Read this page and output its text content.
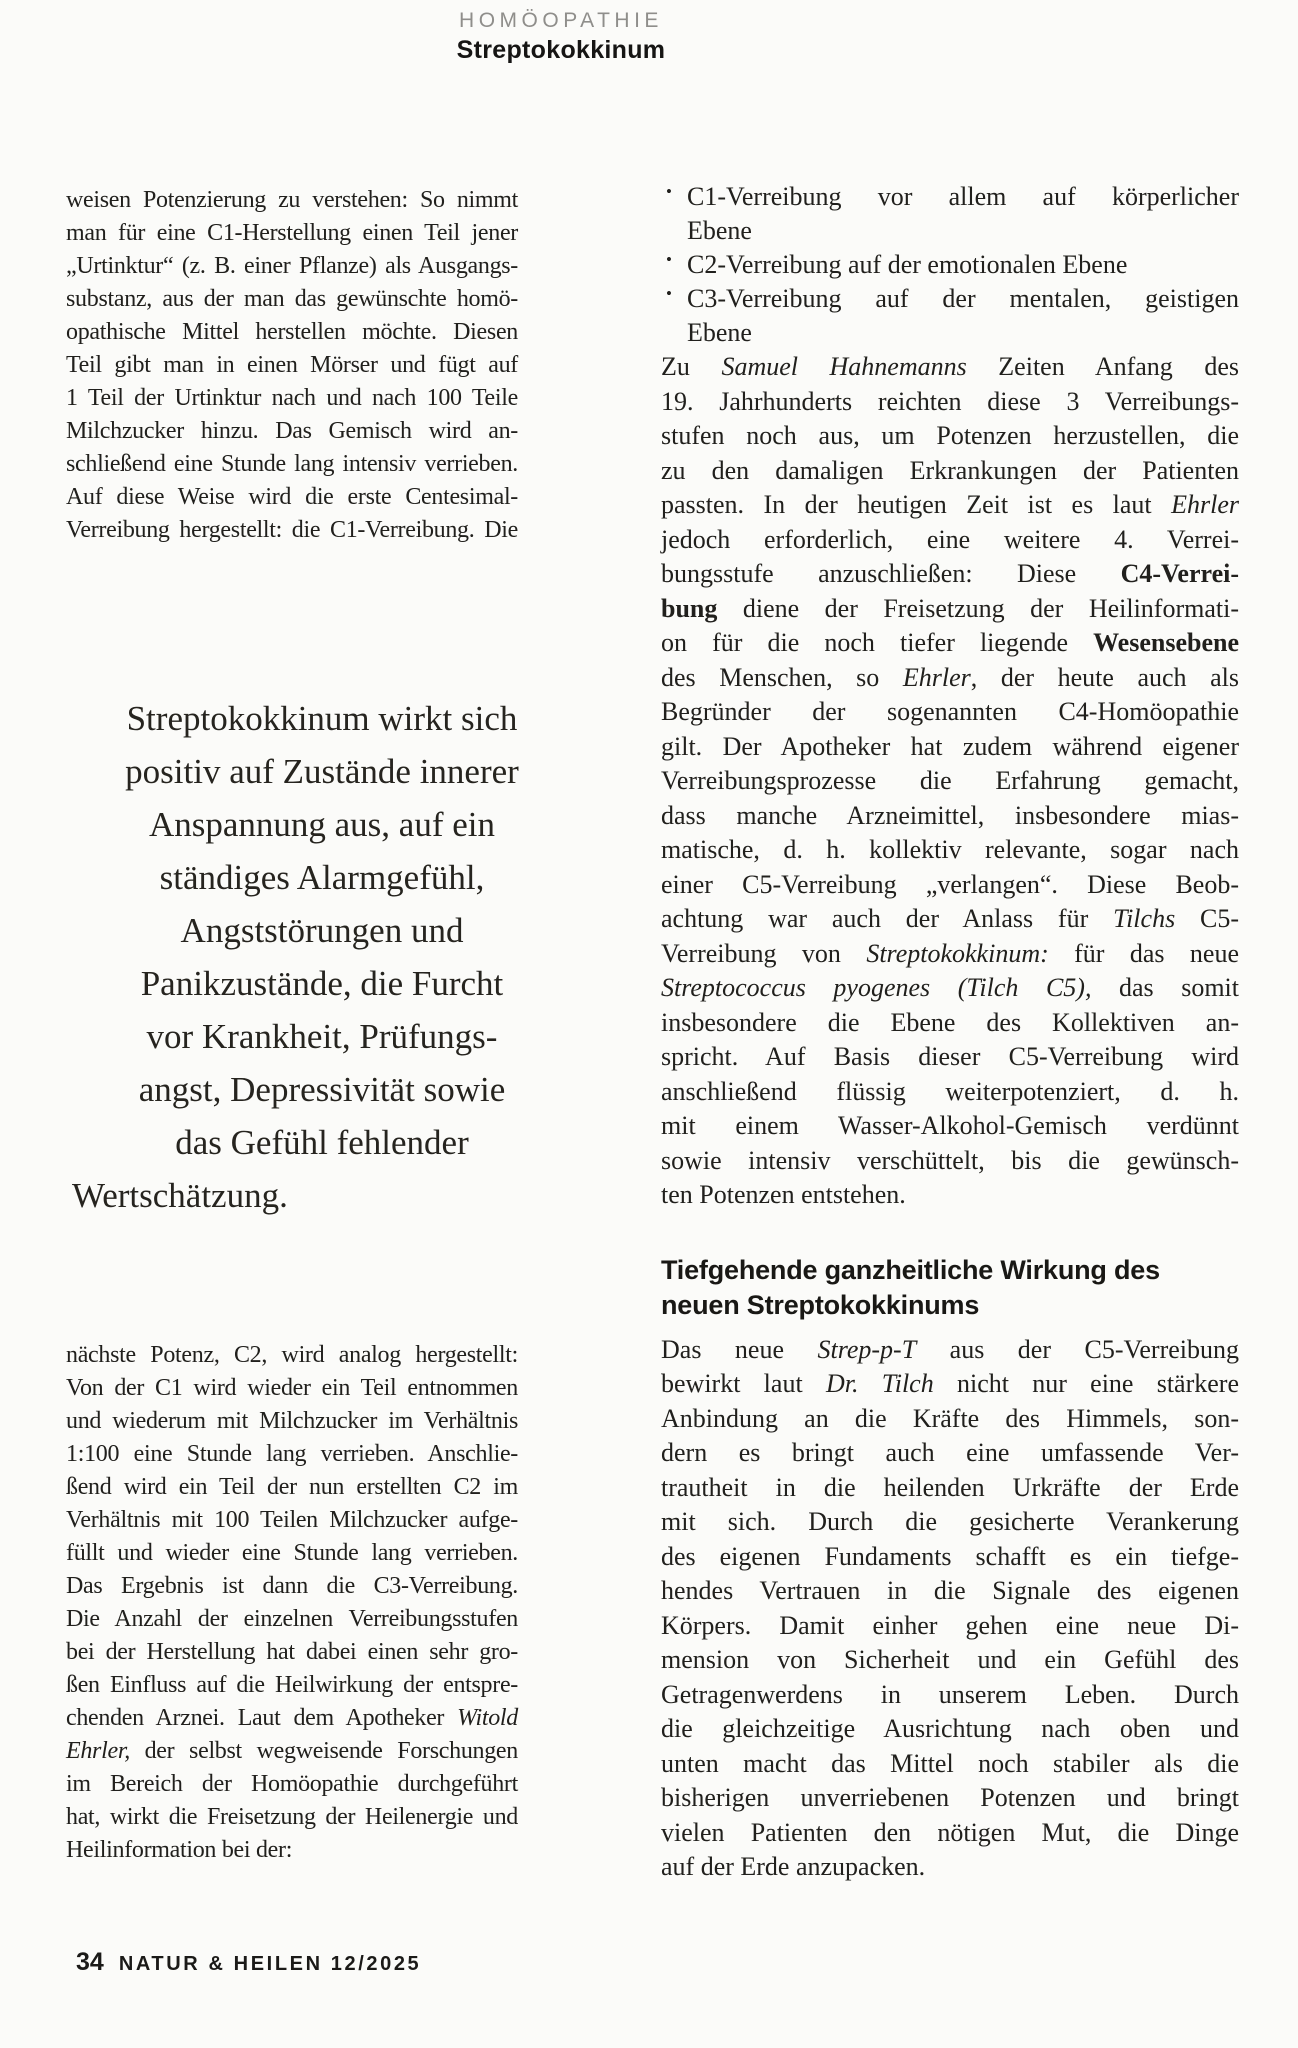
HOMÖOPATHIE
Streptokokkinum
weisen Potenzierung zu verstehen: So nimmt
man für eine C1-Herstellung einen Teil jener
„Urtinktur“ (z. B. einer Pflanze) als Ausgangs-
substanz, aus der man das gewünschte homö-
opathische Mittel herstellen möchte. Diesen
Teil gibt man in einen Mörser und fügt auf
1 Teil der Urtinktur nach und nach 100 Teile
Milchzucker hinzu. Das Gemisch wird an-
schließend eine Stunde lang intensiv verrieben.
Auf diese Weise wird die erste Centesimal-
Verreibung hergestellt: die C1-Verreibung. Die
Streptokokkinum wirkt sich
positiv auf Zustände innerer
Anspannung aus, auf ein
ständiges Alarmgefühl,
Angststörungen und
Panikzustände, die Furcht
vor Krankheit, Prüfungs-
angst, Depressivität sowie
das Gefühl fehlender
Wertschätzung.
nächste Potenz, C2, wird analog hergestellt:
Von der C1 wird wieder ein Teil entnommen
und wiederum mit Milchzucker im Verhältnis
1:100 eine Stunde lang verrieben. Anschlie-
ßend wird ein Teil der nun erstellten C2 im
Verhältnis mit 100 Teilen Milchzucker aufge-
füllt und wieder eine Stunde lang verrieben.
Das Ergebnis ist dann die C3-Verreibung.
Die Anzahl der einzelnen Verreibungsstufen
bei der Herstellung hat dabei einen sehr gro-
ßen Einfluss auf die Heilwirkung der entspre-
chenden Arznei. Laut dem Apotheker Witold
Ehrler, der selbst wegweisende Forschungen
im Bereich der Homöopathie durchgeführt
hat, wirkt die Freisetzung der Heilenergie und
Heilinformation bei der:
• C1-Verreibung vor allem auf körperlicher
Ebene
• C2-Verreibung auf der emotionalen Ebene
• C3-Verreibung auf der mentalen, geistigen
Ebene
Zu Samuel Hahnemanns Zeiten Anfang des
19. Jahrhunderts reichten diese 3 Verreibungs-
stufen noch aus, um Potenzen herzustellen, die
zu den damaligen Erkrankungen der Patienten
passten. In der heutigen Zeit ist es laut Ehrler
jedoch erforderlich, eine weitere 4. Verrei-
bungsstufe anzuschließen: Diese C4-Verrei-
bung diene der Freisetzung der Heilinformati-
on für die noch tiefer liegende Wesensebene
des Menschen, so Ehrler, der heute auch als
Begründer der sogenannten C4-Homöopathie
gilt. Der Apotheker hat zudem während eigener
Verreibungsprozesse die Erfahrung gemacht,
dass manche Arzneimittel, insbesondere mias-
matische, d. h. kollektiv relevante, sogar nach
einer C5-Verreibung „verlangen“. Diese Beob-
achtung war auch der Anlass für Tilchs C5-
Verreibung von Streptokokkinum: für das neue
Streptococcus pyogenes (Tilch C5), das somit
insbesondere die Ebene des Kollektiven an-
spricht. Auf Basis dieser C5-Verreibung wird
anschließend flüssig weiterpotenziert, d. h.
mit einem Wasser-Alkohol-Gemisch verdünnt
sowie intensiv verschüttelt, bis die gewünsch-
ten Potenzen entstehen.
Tiefgehende ganzheitliche Wirkung des
neuen Streptokokkinums
Das neue Strep-p-T aus der C5-Verreibung
bewirkt laut Dr. Tilch nicht nur eine stärkere
Anbindung an die Kräfte des Himmels, son-
dern es bringt auch eine umfassende Ver-
trautheit in die heilenden Urkräfte der Erde
mit sich. Durch die gesicherte Verankerung
des eigenen Fundaments schafft es ein tiefge-
hendes Vertrauen in die Signale des eigenen
Körpers. Damit einher gehen eine neue Di-
mension von Sicherheit und ein Gefühl des
Getragenwerdens in unserem Leben. Durch
die gleichzeitige Ausrichtung nach oben und
unten macht das Mittel noch stabiler als die
bisherigen unverriebenen Potenzen und bringt
vielen Patienten den nötigen Mut, die Dinge
auf der Erde anzupacken.
34 NATUR & HEILEN 12/2025
